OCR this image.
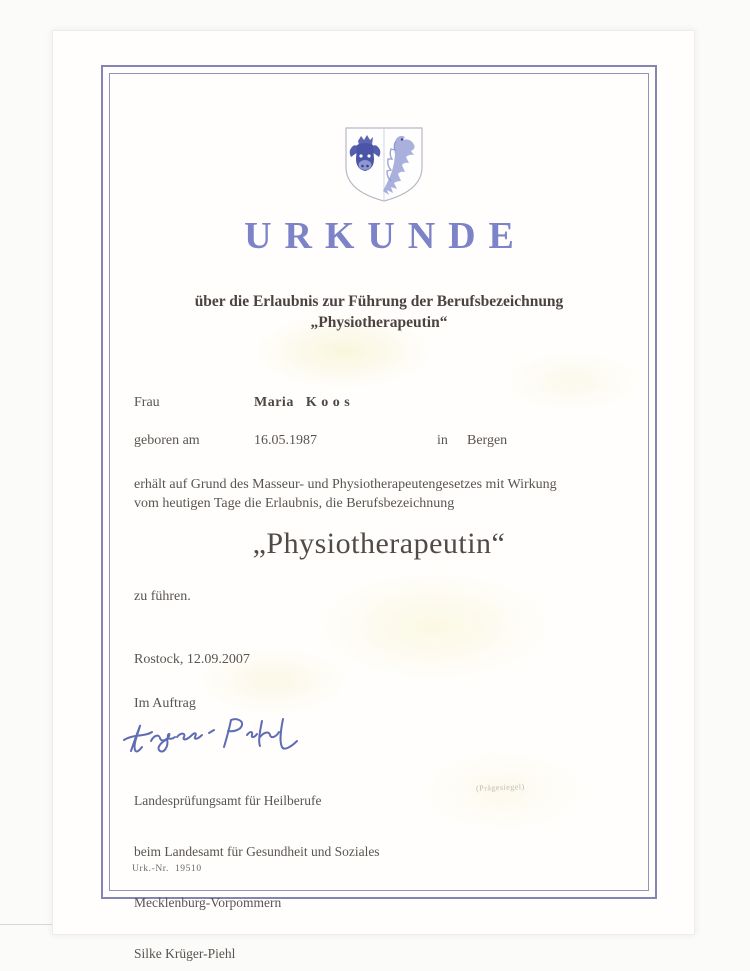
URKUNDE
über die Erlaubnis zur Führung der Berufsbezeichnung
„Physiotherapeutin“
Frau	Maria   K o o s
geboren am	16.05.1987	in Bergen
erhält auf Grund des Masseur- und Physiotherapeutengesetzes mit Wirkung
vom heutigen Tage die Erlaubnis, die Berufsbezeichnung
„Physiotherapeutin“
zu führen.
Rostock, 12.09.2007
Im Auftrag

Landesprüfungsamt für Heilberufe

beim Landesamt für Gesundheit und Soziales

Mecklenburg-Vorpommern

Silke Krüger-Piehl

(Prägesiegel)
Urk.-Nr.  19510
